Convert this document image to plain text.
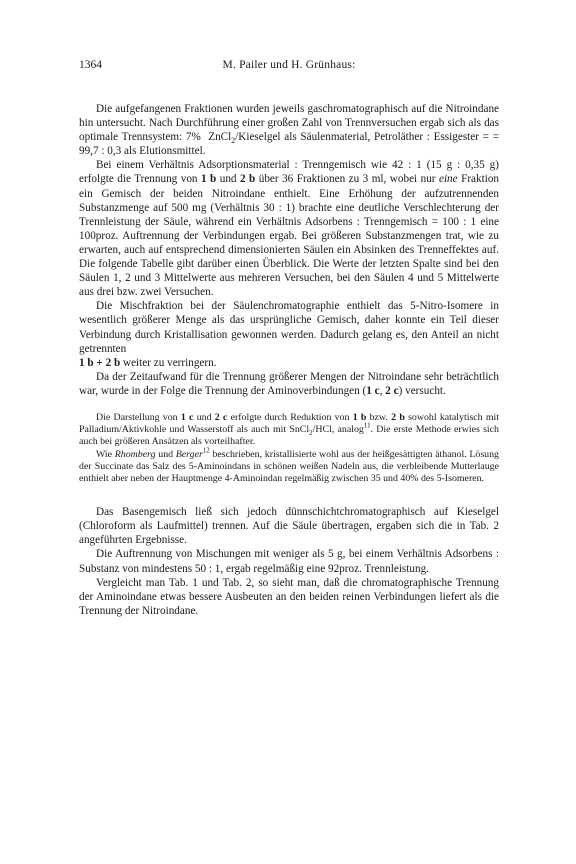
1364	M. Pailer und H. Grünhaus:

Die aufgefangenen Fraktionen wurden jeweils gaschromatographisch auf die Nitroindane hin untersucht. Nach Durchführung einer großen Zahl von Trennversuchen ergab sich als das optimale Trennsystem: 7% ZnCl$_2$/Kieselgel als Säulenmaterial, Petroläther : Essigester = = 99,7 : 0,3 als Elutionsmittel.

Bei einem Verhältnis Adsorptionsmaterial : Trenngemisch wie 42 : 1 (15 g : 0,35 g) erfolgte die Trennung von 1 b und 2 b über 36 Fraktionen zu 3 ml, wobei nur eine Fraktion ein Gemisch der beiden Nitroindane enthielt. Eine Erhöhung der aufzutrennenden Substanzmenge auf 500 mg (Verhältnis 30 : 1) brachte eine deutliche Verschlechterung der Trennleistung der Säule, während ein Verhältnis Adsorbens : Trenngemisch = 100 : 1 eine 100proz. Auftrennung der Verbindungen ergab. Bei größeren Substanzmengen trat, wie zu erwarten, auch auf entsprechend dimensionierten Säulen ein Absinken des Trenneffektes auf. Die folgende Tabelle gibt darüber einen Überblick. Die Werte der letzten Spalte sind bei den Säulen 1, 2 und 3 Mittelwerte aus mehreren Versuchen, bei den Säulen 4 und 5 Mittelwerte aus drei bzw. zwei Versuchen.

Die Mischfraktion bei der Säulenchromatographie enthielt das 5-Nitro-Isomere in wesentlich größerer Menge als das ursprüngliche Gemisch, daher konnte ein Teil dieser Verbindung durch Kristallisation gewonnen werden. Dadurch gelang es, den Anteil an nicht getrennten
1 b + 2 b weiter zu verringern.

Da der Zeitaufwand für die Trennung größerer Mengen der Nitroindane sehr beträchtlich war, wurde in der Folge die Trennung der Aminoverbindungen (1 c, 2 c) versucht.

Die Darstellung von 1 c und 2 c erfolgte durch Reduktion von 1 b bzw. 2 b sowohl katalytisch mit Palladium/Aktivkohle und Wasserstoff als auch mit SnCl$_2$/HCl, analog$^{11}$. Die erste Methode erwies sich auch bei größeren Ansätzen als vorteilhafter.

Wie Rhomberg und Berger$^{12}$ beschrieben, kristallisierte wohl aus der heißgesättigten äthanol. Lösung der Succinate das Salz des 5-Aminoindans in schönen weißen Nadeln aus, die verbleibende Mutterlauge enthielt aber neben der Hauptmenge 4-Aminoindan regelmäßig zwischen 35 und 40% des 5-Isomeren.

Das Basengemisch ließ sich jedoch dünnschichtchromatographisch auf Kieselgel (Chloroform als Laufmittel) trennen. Auf die Säule übertragen, ergaben sich die in Tab. 2 angeführten Ergebnisse.

Die Auftrennung von Mischungen mit weniger als 5 g, bei einem Verhältnis Adsorbens : Substanz von mindestens 50 : 1, ergab regelmäßig eine 92proz. Trennleistung.

Vergleicht man Tab. 1 und Tab. 2, so sieht man, daß die chromatographische Trennung der Aminoindane etwas bessere Ausbeuten an den beiden reinen Verbindungen liefert als die Trennung der Nitroindane.
